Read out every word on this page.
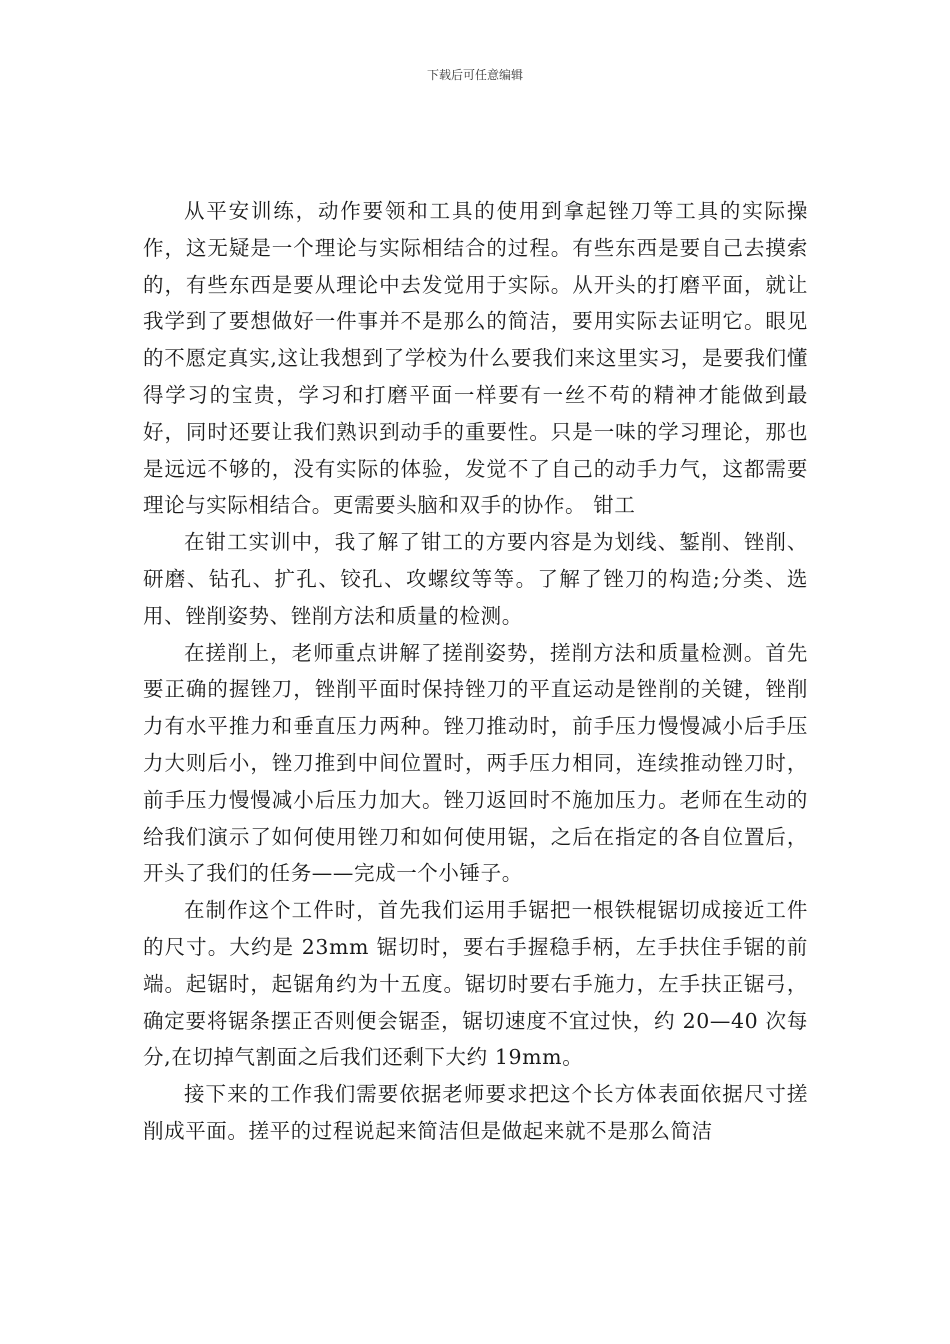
下载后可任意编辑

从平安训练，动作要领和工具的使用到拿起锉刀等工具的实际操作，这无疑是一个理论与实际相结合的过程。有些东西是要自己去摸索的，有些东西是要从理论中去发觉用于实际。从开头的打磨平面，就让我学到了要想做好一件事并不是那么的简洁，要用实际去证明它。眼见的不愿定真实,这让我想到了学校为什么要我们来这里实习，是要我们懂得学习的宝贵，学习和打磨平面一样要有一丝不苟的精神才能做到最好，同时还要让我们熟识到动手的重要性。只是一味的学习理论，那也是远远不够的，没有实际的体验，发觉不了自己的动手力气，这都需要理论与实际相结合。更需要头脑和双手的协作。 钳工

在钳工实训中，我了解了钳工的方要内容是为划线、錾削、锉削、研磨、钻孔、扩孔、铰孔、攻螺纹等等。了解了锉刀的构造;分类、选用、锉削姿势、锉削方法和质量的检测。

在搓削上，老师重点讲解了搓削姿势，搓削方法和质量检测。首先要正确的握锉刀，锉削平面时保持锉刀的平直运动是锉削的关键，锉削力有水平推力和垂直压力两种。锉刀推动时，前手压力慢慢减小后手压力大则后小，锉刀推到中间位置时，两手压力相同，连续推动锉刀时，前手压力慢慢减小后压力加大。锉刀返回时不施加压力。老师在生动的给我们演示了如何使用锉刀和如何使用锯，之后在指定的各自位置后，开头了我们的任务——完成一个小锤子。

在制作这个工件时，首先我们运用手锯把一根铁棍锯切成接近工件的尺寸。大约是 23mm 锯切时，要右手握稳手柄，左手扶住手锯的前端。起锯时，起锯角约为十五度。锯切时要右手施力，左手扶正锯弓，确定要将锯条摆正否则便会锯歪，锯切速度不宜过快，约 20—40 次每分,在切掉气割面之后我们还剩下大约 19mm。

接下来的工作我们需要依据老师要求把这个长方体表面依据尺寸搓削成平面。搓平的过程说起来简洁但是做起来就不是那么简洁
